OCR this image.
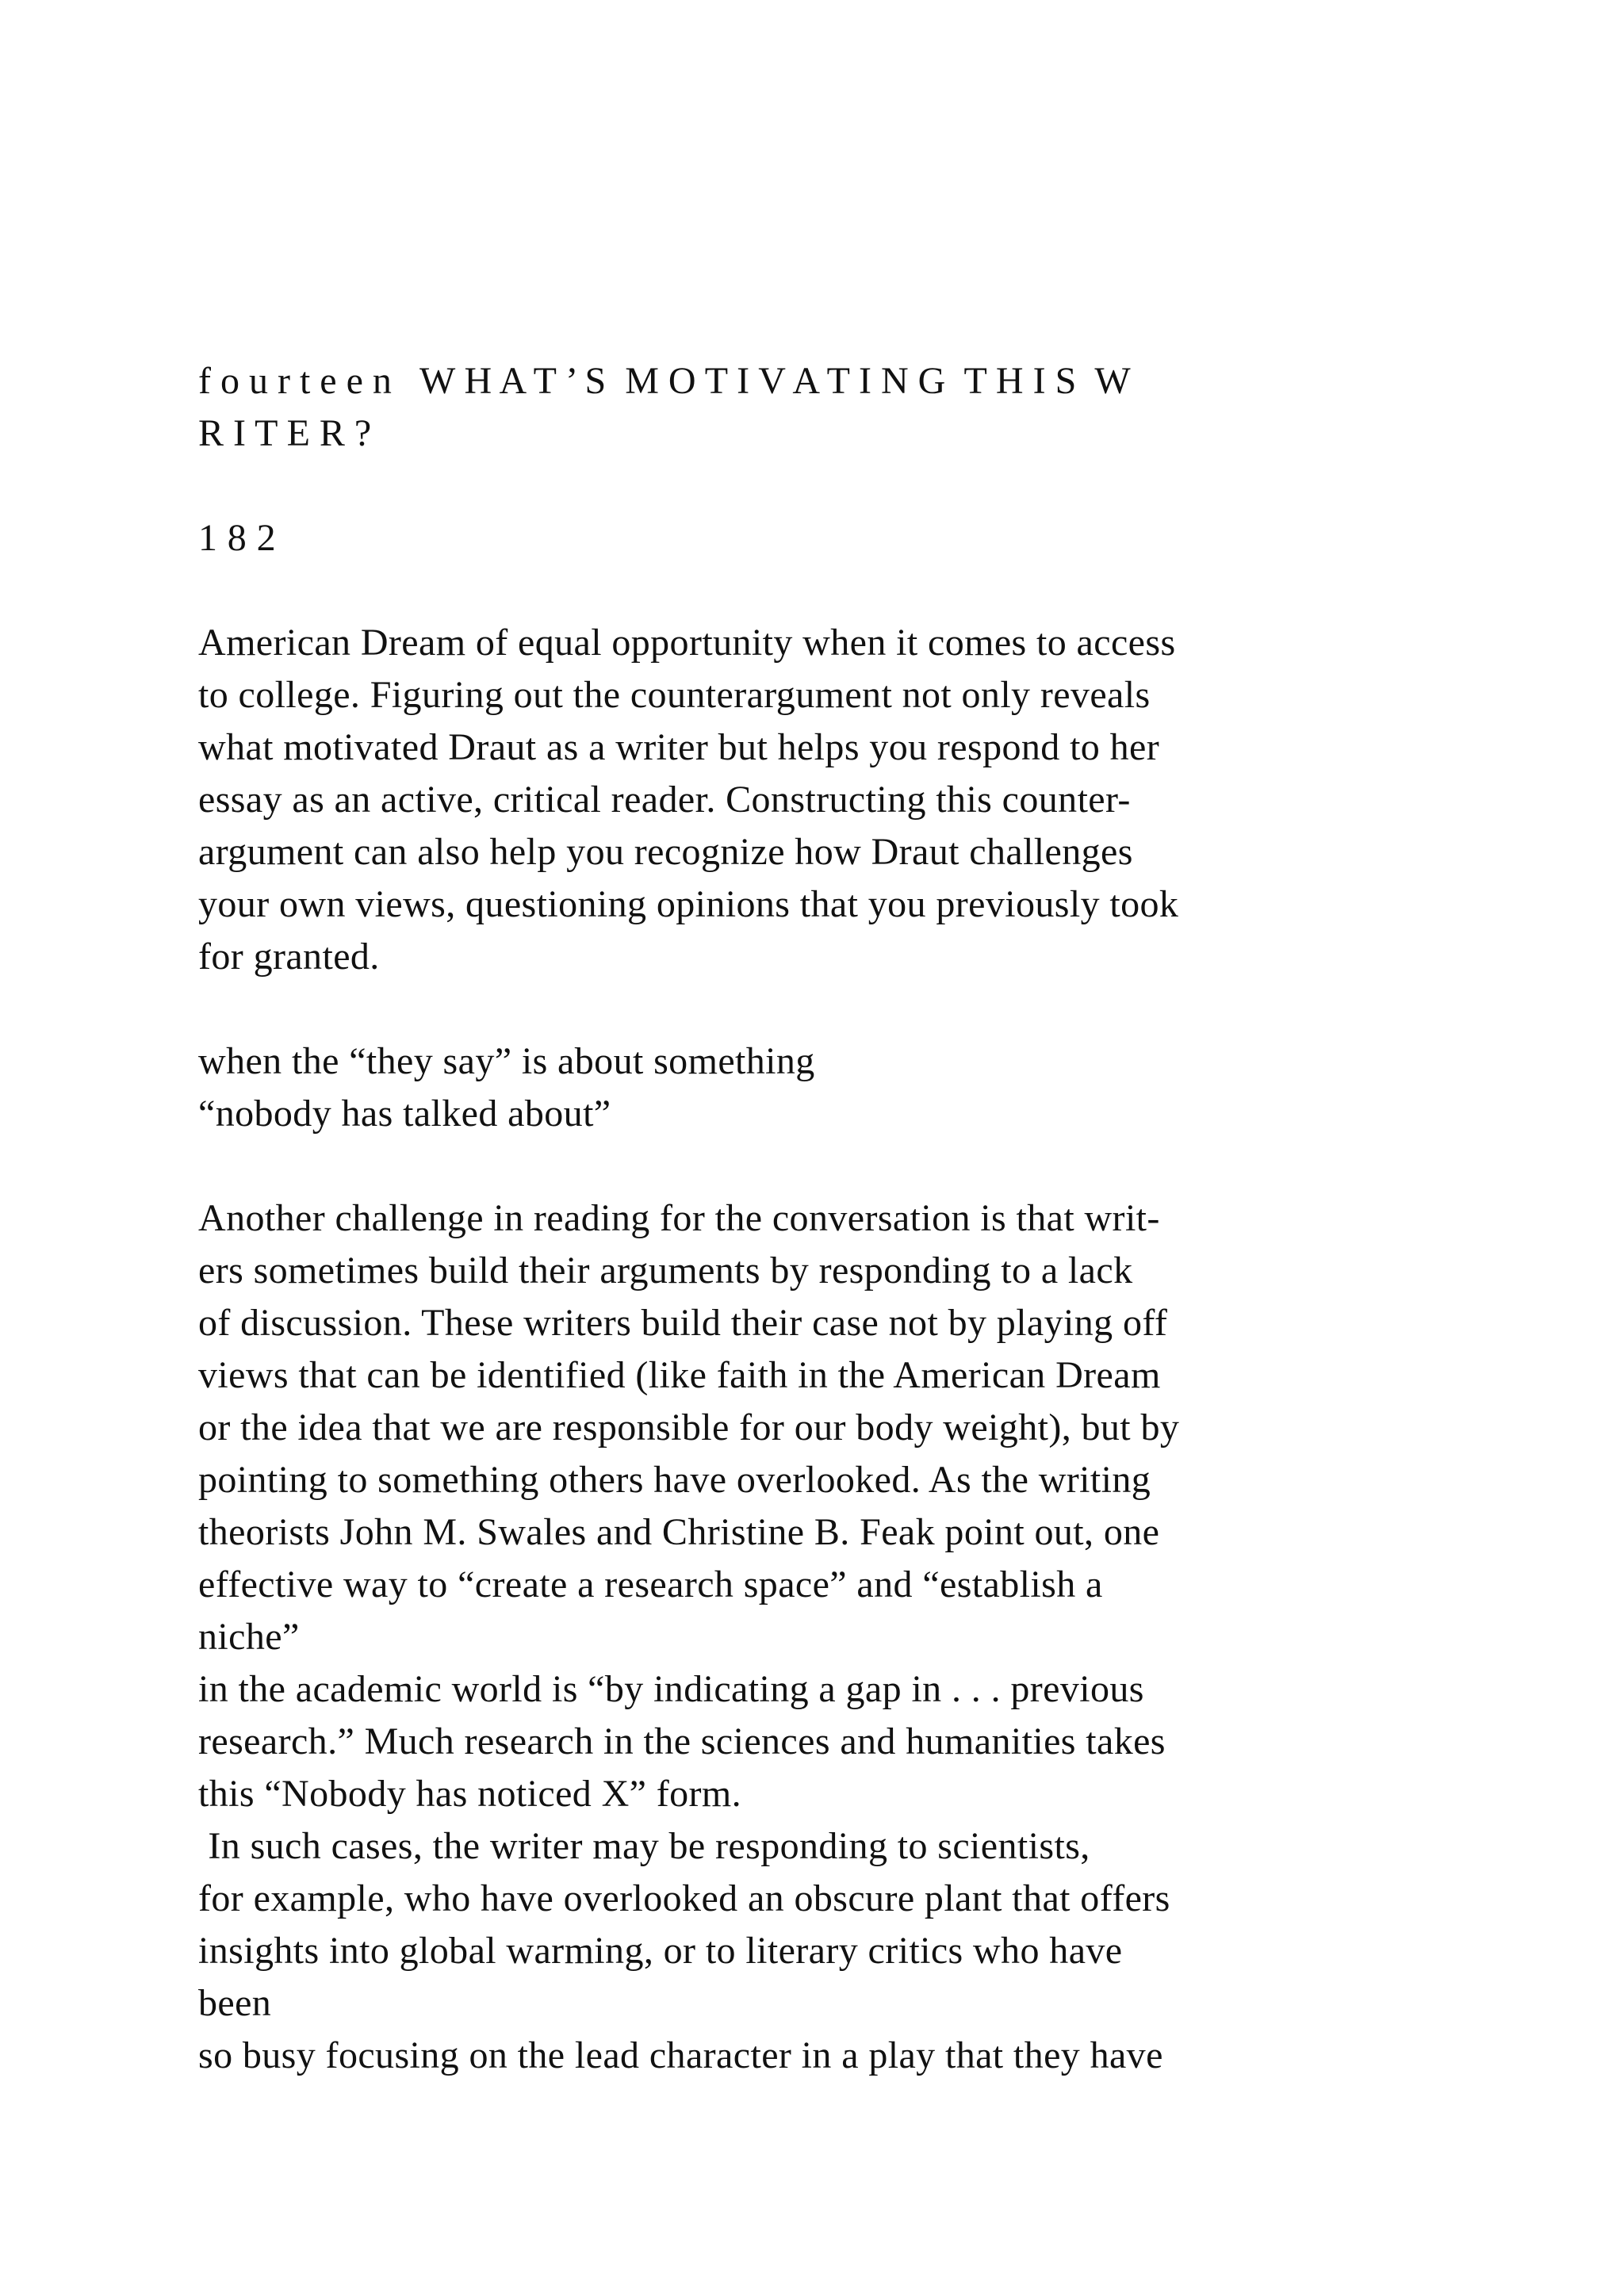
f o u r t e e n   W H A T ’ S  M O T I V A T I N G  T H I S  W
R I T E R ?
1 8 2
American Dream of equal opportunity when it comes to access
to college. Figuring out the counterargument not only reveals
what motivated Draut as a writer but helps you respond to her
essay as an active, critical reader. Constructing this counter-
argument can also help you recognize how Draut challenges
your own views, questioning opinions that you previously took
for granted.
when the “they say” is about something
“nobody has talked about”
Another challenge in reading for the conversation is that writ-
ers sometimes build their arguments by responding to a lack
of discussion. These writers build their case not by playing off
views that can be identified (like faith in the American Dream
or the idea that we are responsible for our body weight), but by
pointing to something others have overlooked. As the writing
theorists John M. Swales and Christine B. Feak point out, one
effective way to “create a research space” and “establish a
niche”
in the academic world is “by indicating a gap in . . . previous
research.” Much research in the sciences and humanities takes
this “Nobody has noticed X” form.
In such cases, the writer may be responding to scientists,
for example, who have overlooked an obscure plant that offers
insights into global warming, or to literary critics who have
been
so busy focusing on the lead character in a play that they have
